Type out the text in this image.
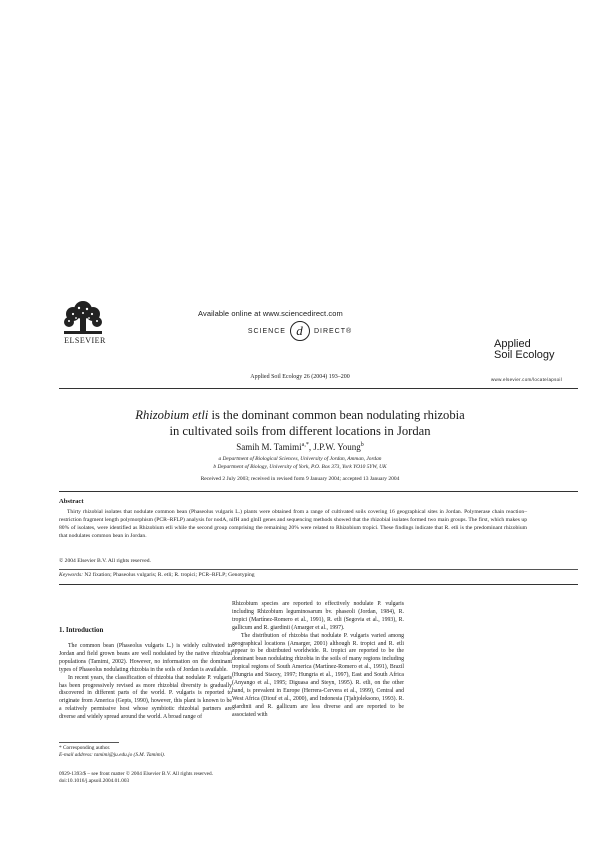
Available online at www.sciencedirect.com
SCIENCE d	DIRECT®
ELSEVIER
Applied Soil Ecology 26 (2004) 193–200
Applied
Soil Ecology
www.elsevier.com/locate/apsoil
Rhizobium etli is the dominant common bean nodulating rhizobia
in cultivated soils from different locations in Jordan
Samih M. Tamimi$^{a,*}$, J.P.W. Young$^b$
a Department of Biological Sciences, University of Jordan, Amman, Jordan
b Department of Biology, University of York, P.O. Box 373, York YO10 5YW, UK
Received 2 July 2003; received in revised form 9 January 2004; accepted 13 January 2004
Abstract

Thirty rhizobial isolates that nodulate common bean (Phaseolus vulgaris L.) plants were obtained from a range of cultivated soils covering 16 geographical sites in Jordan. Polymerase chain reaction–restriction fragment length polymorphism (PCR–RFLP) analysis for nodA, nifH and glnII genes and sequencing methods showed that the rhizobial isolates formed two main groups. The first, which makes up 80% of isolates, were identified as Rhizobium etli while the second group comprising the remaining 20% were related to Rhizobium tropici. These findings indicate that R. etli is the predominant rhizobium that nodulates common bean in Jordan.

© 2004 Elsevier B.V. All rights reserved.
Keywords: N2 fixation; Phaseolus vulgaris; R. etli; R. tropici; PCR–RFLP; Genotyping
1. Introduction

The common bean (Phaseolus vulgaris L.) is widely cultivated in Jordan and field grown beans are well nodulated by the native rhizobial populations (Tamimi, 2002). However, no information on the dominant types of Phaseolus nodulating rhizobia in the soils of Jordan is available.

In recent years, the classification of rhizobia that nodulate P. vulgaris has been progressively revised as more rhizobial diversity is gradually discovered in different parts of the world. P. vulgaris is reported to originate from America (Gepts, 1990), however, this plant is known to be a relatively permissive host whose symbiotic rhizobial partners are diverse and widely spread around the world. A broad range of

Rhizobium species are reported to effectively nodulate P. vulgaris including Rhizobium leguminosarum bv. phaseoli (Jordan, 1984), R. tropici (Martínez-Romero et al., 1991), R. etli (Segovia et al., 1993), R. gallicum and R. giardinii (Amarger et al., 1997).

The distribution of rhizobia that nodulate P. vulgaris varied among geographical locations (Amarger, 2001) although R. tropici and R. etli appear to be distributed worldwide. R. tropici are reported to be the dominant bean nodulating rhizobia in the soils of many regions including tropical regions of South America (Martínez-Romero et al., 1991), Brazil (Hungria and Stacey, 1997; Hungria et al., 1997), East and South Africa (Anyango et al., 1995; Diguasa and Steyn, 1995). R. etli, on the other hand, is prevalent in Europe (Herrera-Cervera et al., 1999), Central and West Africa (Diouf et al., 2000), and Indonesia (Tjahjoleksono, 1993). R. giardinii and R. gallicum are less diverse and are reported to be associated with

* Corresponding author.
E-mail address: tamimi@ju.edu.jo (S.M. Tamimi).
0929-1393/$ – see front matter © 2004 Elsevier B.V. All rights reserved.
doi:10.1016/j.apsoil.2004.01.003
